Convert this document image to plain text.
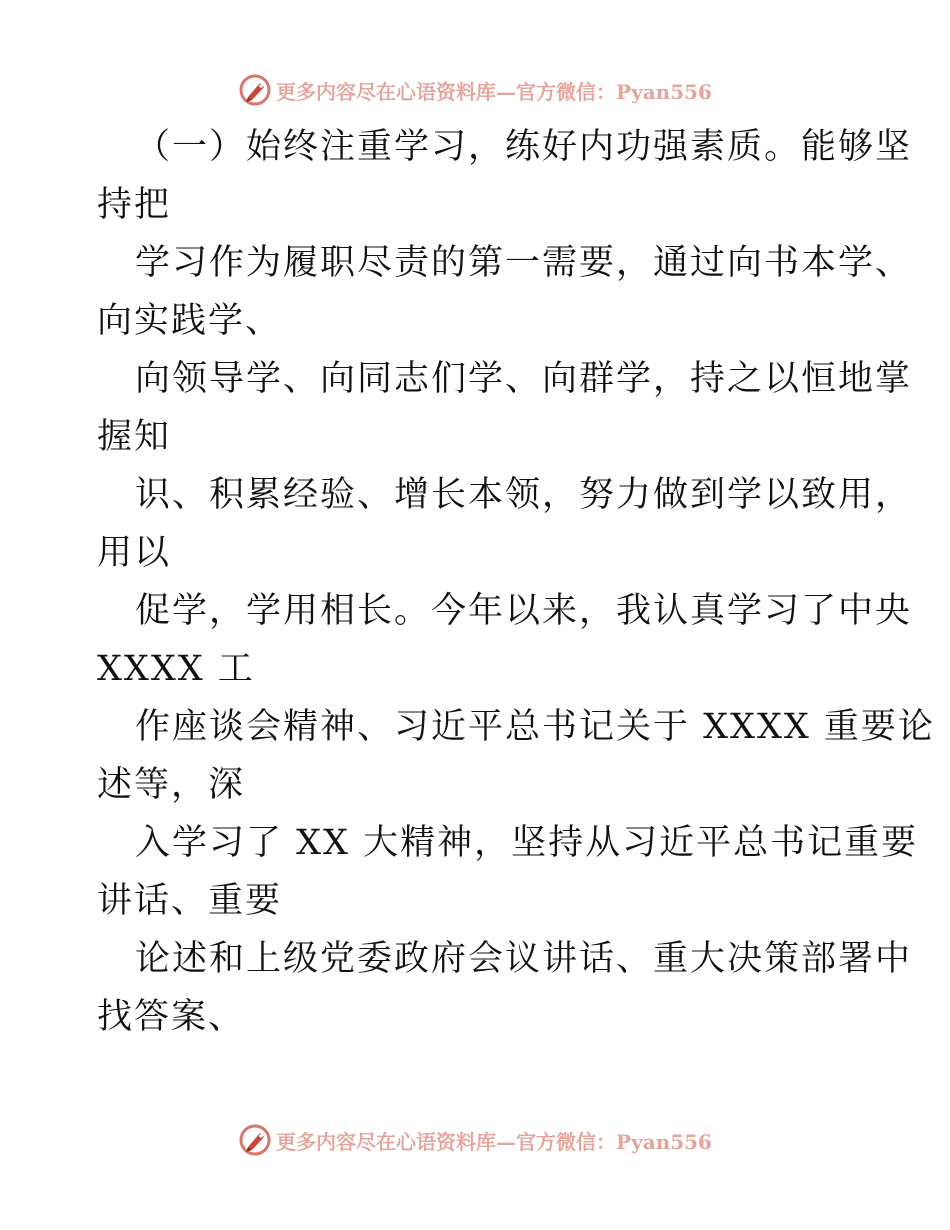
更多内容尽在心语资料库—官方微信：Pyan556
（一）始终注重学习，练好内功强素质。能够坚
持把
学习作为履职尽责的第一需要，通过向书本学、
向实践学、
向领导学、向同志们学、向群学，持之以恒地掌
握知
识、积累经验、增长本领，努力做到学以致用，
用以
促学，学用相长。今年以来，我认真学习了中央
XXXX 工
作座谈会精神、习近平总书记关于 XXXX 重要论
述等，深
入学习了 XX 大精神，坚持从习近平总书记重要
讲话、重要
论述和上级党委政府会议讲话、重大决策部署中
找答案、
更多内容尽在心语资料库—官方微信：Pyan556
